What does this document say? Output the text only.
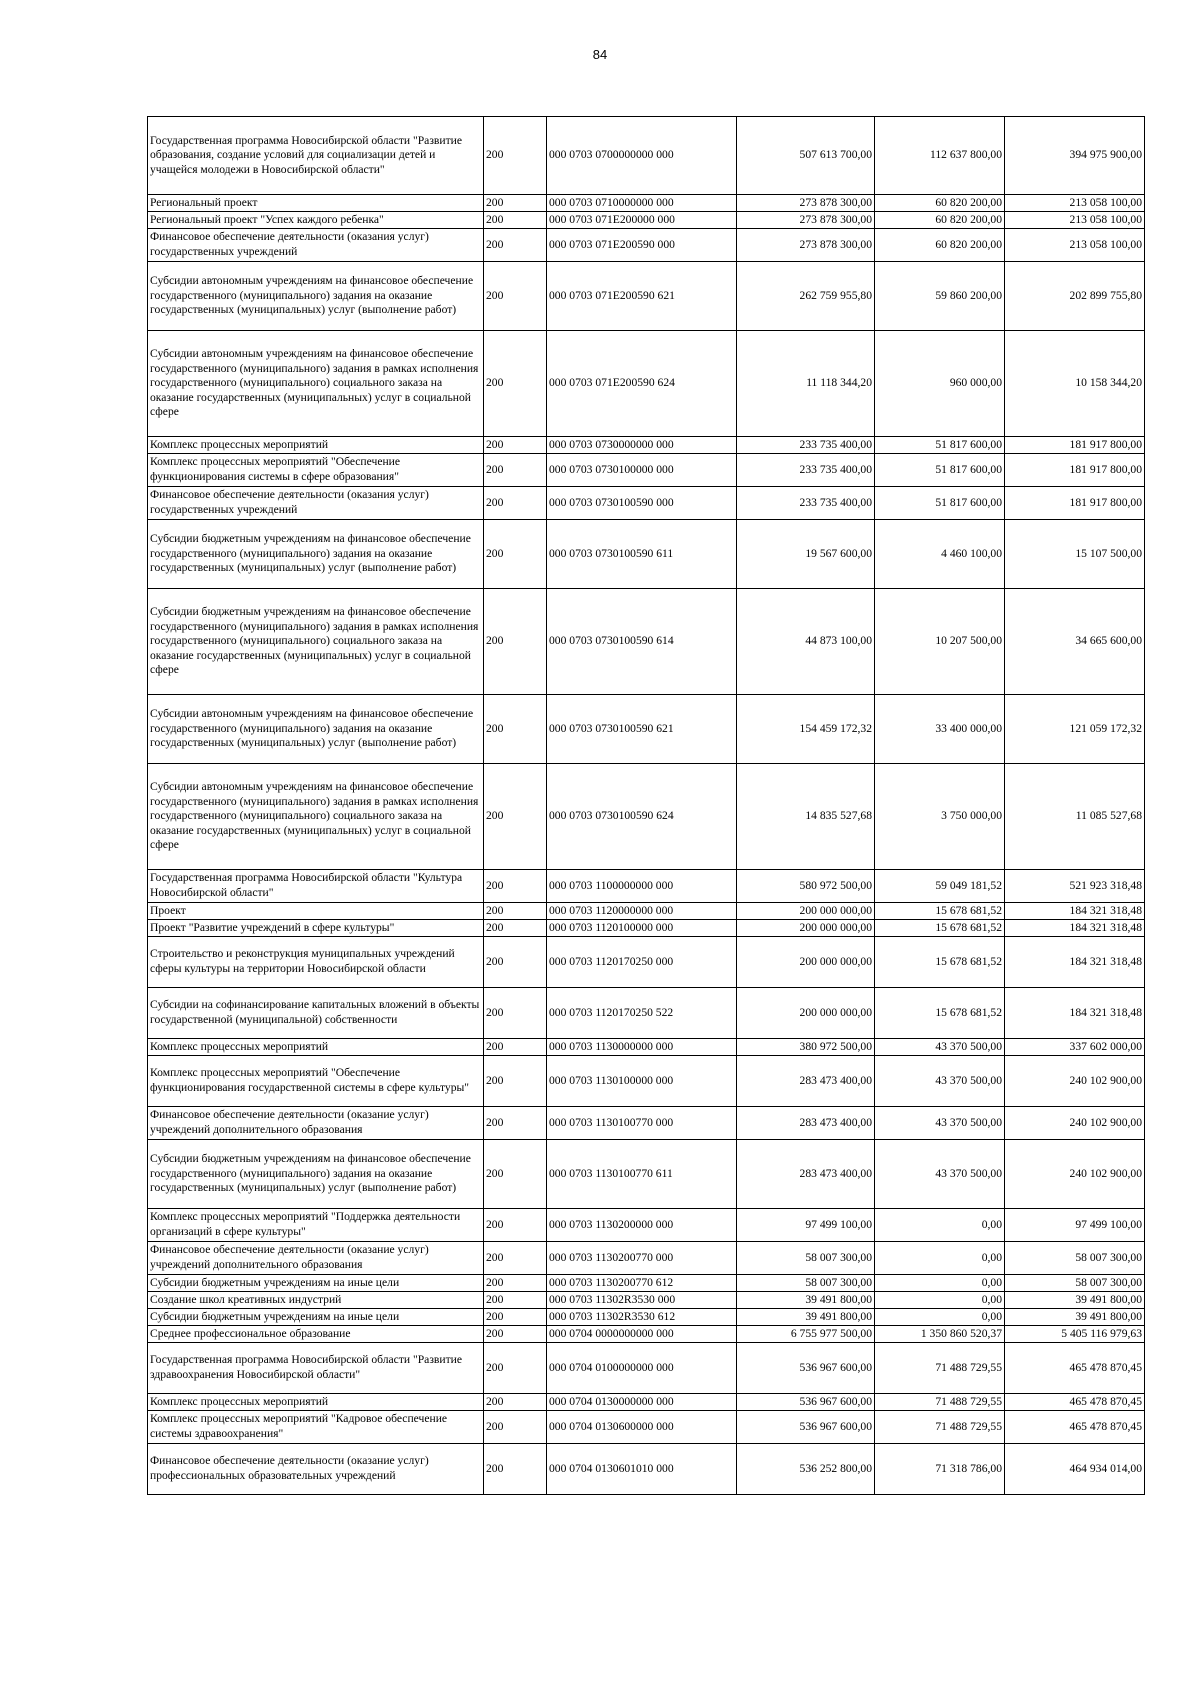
84
Государственная программа Новосибирской области "Развитие образования, создание условий для социализации детей и учащейся молодежи в Новосибирской области"	200	000 0703 0700000000 000	507 613 700,00	112 637 800,00	394 975 900,00
Региональный проект	200	000 0703 0710000000 000	273 878 300,00	60 820 200,00	213 058 100,00
Региональный проект "Успех каждого ребенка"	200	000 0703 071E200000 000	273 878 300,00	60 820 200,00	213 058 100,00
Финансовое обеспечение деятельности (оказания услуг) государственных учреждений	200	000 0703 071E200590 000	273 878 300,00	60 820 200,00	213 058 100,00
Субсидии автономным учреждениям на финансовое обеспечение государственного (муниципального) задания на оказание государственных (муниципальных) услуг (выполнение работ)	200	000 0703 071E200590 621	262 759 955,80	59 860 200,00	202 899 755,80
Субсидии автономным учреждениям на финансовое обеспечение государственного (муниципального) задания в рамках исполнения государственного (муниципального) социального заказа на оказание государственных (муниципальных) услуг в социальной сфере	200	000 0703 071E200590 624	11 118 344,20	960 000,00	10 158 344,20
Комплекс процессных мероприятий	200	000 0703 0730000000 000	233 735 400,00	51 817 600,00	181 917 800,00
Комплекс процессных мероприятий "Обеспечение функционирования системы в сфере образования"	200	000 0703 0730100000 000	233 735 400,00	51 817 600,00	181 917 800,00
Финансовое обеспечение деятельности (оказания услуг) государственных учреждений	200	000 0703 0730100590 000	233 735 400,00	51 817 600,00	181 917 800,00
Субсидии бюджетным учреждениям на финансовое обеспечение государственного (муниципального) задания на оказание государственных (муниципальных) услуг (выполнение работ)	200	000 0703 0730100590 611	19 567 600,00	4 460 100,00	15 107 500,00
Субсидии бюджетным учреждениям на финансовое обеспечение государственного (муниципального) задания в рамках исполнения государственного (муниципального) социального заказа на оказание государственных (муниципальных) услуг в социальной сфере	200	000 0703 0730100590 614	44 873 100,00	10 207 500,00	34 665 600,00
Субсидии автономным учреждениям на финансовое обеспечение государственного (муниципального) задания на оказание государственных (муниципальных) услуг (выполнение работ)	200	000 0703 0730100590 621	154 459 172,32	33 400 000,00	121 059 172,32
Субсидии автономным учреждениям на финансовое обеспечение государственного (муниципального) задания в рамках исполнения государственного (муниципального) социального заказа на оказание государственных (муниципальных) услуг в социальной сфере	200	000 0703 0730100590 624	14 835 527,68	3 750 000,00	11 085 527,68
Государственная программа Новосибирской области "Культура Новосибирской области"	200	000 0703 1100000000 000	580 972 500,00	59 049 181,52	521 923 318,48
Проект	200	000 0703 1120000000 000	200 000 000,00	15 678 681,52	184 321 318,48
Проект "Развитие учреждений в сфере культуры"	200	000 0703 1120100000 000	200 000 000,00	15 678 681,52	184 321 318,48
Строительство и реконструкция муниципальных учреждений сферы культуры на территории Новосибирской области	200	000 0703 1120170250 000	200 000 000,00	15 678 681,52	184 321 318,48
Субсидии на софинансирование капитальных вложений в объекты государственной (муниципальной) собственности	200	000 0703 1120170250 522	200 000 000,00	15 678 681,52	184 321 318,48
Комплекс процессных мероприятий	200	000 0703 1130000000 000	380 972 500,00	43 370 500,00	337 602 000,00
Комплекс процессных мероприятий "Обеспечение функционирования государственной системы в сфере культуры"	200	000 0703 1130100000 000	283 473 400,00	43 370 500,00	240 102 900,00
Финансовое обеспечение деятельности (оказание услуг) учреждений дополнительного образования	200	000 0703 1130100770 000	283 473 400,00	43 370 500,00	240 102 900,00
Субсидии бюджетным учреждениям на финансовое обеспечение государственного (муниципального) задания на оказание государственных (муниципальных) услуг (выполнение работ)	200	000 0703 1130100770 611	283 473 400,00	43 370 500,00	240 102 900,00
Комплекс процессных мероприятий "Поддержка деятельности организаций в сфере культуры"	200	000 0703 1130200000 000	97 499 100,00	0,00	97 499 100,00
Финансовое обеспечение деятельности (оказание услуг) учреждений дополнительного образования	200	000 0703 1130200770 000	58 007 300,00	0,00	58 007 300,00
Субсидии бюджетным учреждениям на иные цели	200	000 0703 1130200770 612	58 007 300,00	0,00	58 007 300,00
Создание школ креативных индустрий	200	000 0703 11302R3530 000	39 491 800,00	0,00	39 491 800,00
Субсидии бюджетным учреждениям на иные цели	200	000 0703 11302R3530 612	39 491 800,00	0,00	39 491 800,00
Среднее профессиональное образование	200	000 0704 0000000000 000	6 755 977 500,00	1 350 860 520,37	5 405 116 979,63
Государственная программа Новосибирской области "Развитие здравоохранения Новосибирской области"	200	000 0704 0100000000 000	536 967 600,00	71 488 729,55	465 478 870,45
Комплекс процессных мероприятий	200	000 0704 0130000000 000	536 967 600,00	71 488 729,55	465 478 870,45
Комплекс процессных мероприятий "Кадровое обеспечение системы здравоохранения"	200	000 0704 0130600000 000	536 967 600,00	71 488 729,55	465 478 870,45
Финансовое обеспечение деятельности (оказание услуг) профессиональных образовательных учреждений	200	000 0704 0130601010 000	536 252 800,00	71 318 786,00	464 934 014,00
